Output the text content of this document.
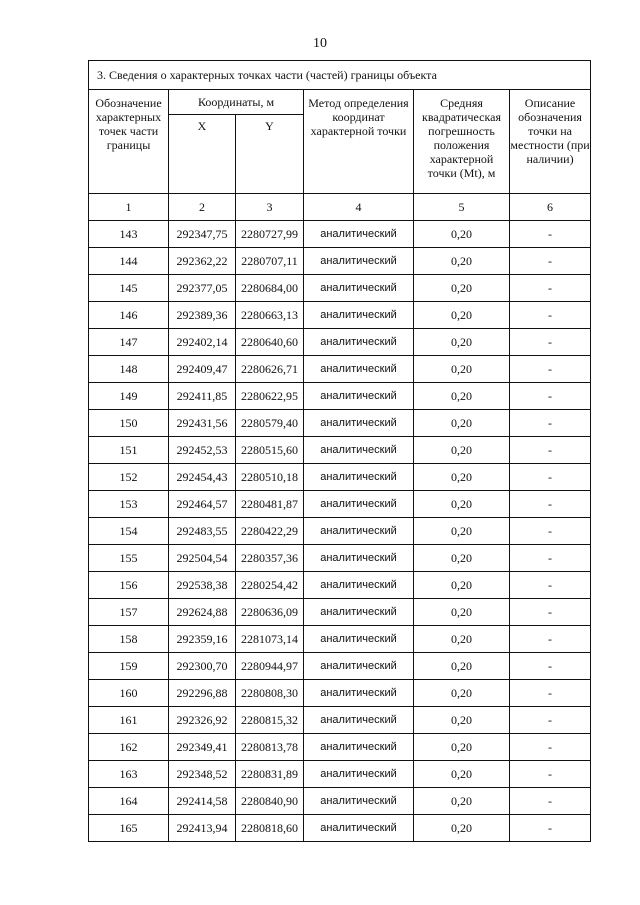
10
3. Сведения о характерных точках части (частей) границы объекта					
Обозначение характерных точек части границы	Координаты, м		Метод определения координат характерной точки	Средняя квадратическая погрешность положения характерной точки (Mt), м	Описание обозначения точки на местности (при наличии)
	X	Y			
1	2	3	4	5	6
143	292347,75	2280727,99	аналитический	0,20	-
144	292362,22	2280707,11	аналитический	0,20	-
145	292377,05	2280684,00	аналитический	0,20	-
146	292389,36	2280663,13	аналитический	0,20	-
147	292402,14	2280640,60	аналитический	0,20	-
148	292409,47	2280626,71	аналитический	0,20	-
149	292411,85	2280622,95	аналитический	0,20	-
150	292431,56	2280579,40	аналитический	0,20	-
151	292452,53	2280515,60	аналитический	0,20	-
152	292454,43	2280510,18	аналитический	0,20	-
153	292464,57	2280481,87	аналитический	0,20	-
154	292483,55	2280422,29	аналитический	0,20	-
155	292504,54	2280357,36	аналитический	0,20	-
156	292538,38	2280254,42	аналитический	0,20	-
157	292624,88	2280636,09	аналитический	0,20	-
158	292359,16	2281073,14	аналитический	0,20	-
159	292300,70	2280944,97	аналитический	0,20	-
160	292296,88	2280808,30	аналитический	0,20	-
161	292326,92	2280815,32	аналитический	0,20	-
162	292349,41	2280813,78	аналитический	0,20	-
163	292348,52	2280831,89	аналитический	0,20	-
164	292414,58	2280840,90	аналитический	0,20	-
165	292413,94	2280818,60	аналитический	0,20	-
